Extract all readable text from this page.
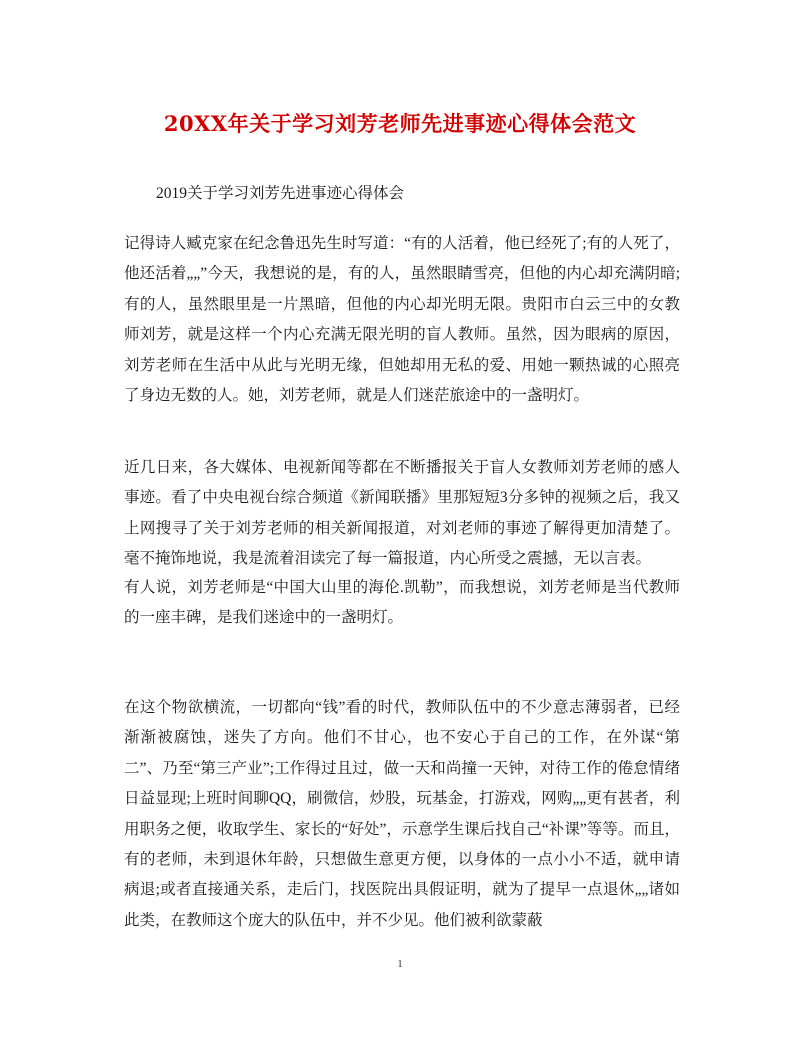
20XX年关于学习刘芳老师先进事迹心得体会范文
2019关于学习刘芳先进事迹心得体会

记得诗人臧克家在纪念鲁迅先生时写道：“有的人活着，他已经死了;有的人死了，他还活着„„”今天，我想说的是，有的人，虽然眼睛雪亮，但他的内心却充满阴暗;有的人，虽然眼里是一片黑暗，但他的内心却光明无限。贵阳市白云三中的女教师刘芳，就是这样一个内心充满无限光明的盲人教师。虽然，因为眼病的原因，刘芳老师在生活中从此与光明无缘，但她却用无私的爱、用她一颗热诚的心照亮了身边无数的人。她，刘芳老师，就是人们迷茫旅途中的一盏明灯。

近几日来，各大媒体、电视新闻等都在不断播报关于盲人女教师刘芳老师的感人事迹。看了中央电视台综合频道《新闻联播》里那短短3分多钟的视频之后，我又上网搜寻了关于刘芳老师的相关新闻报道，对刘老师的事迹了解得更加清楚了。毫不掩饰地说，我是流着泪读完了每一篇报道，内心所受之震撼，无以言表。

有人说，刘芳老师是“中国大山里的海伦.凯勒”，而我想说，刘芳老师是当代教师的一座丰碑，是我们迷途中的一盏明灯。

在这个物欲横流，一切都向“钱”看的时代，教师队伍中的不少意志薄弱者，已经渐渐被腐蚀，迷失了方向。他们不甘心，也不安心于自己的工作，在外谋“第二”、乃至“第三产业”;工作得过且过，做一天和尚撞一天钟，对待工作的倦怠情绪日益显现;上班时间聊QQ，刷微信，炒股，玩基金，打游戏，网购„„更有甚者，利用职务之便，收取学生、家长的“好处”，示意学生课后找自己“补课”等等。而且，有的老师，未到退休年龄，只想做生意更方便，以身体的一点小小不适，就申请病退;或者直接通关系，走后门，找医院出具假证明，就为了提早一点退休„„诸如此类，在教师这个庞大的队伍中，并不少见。他们被利欲蒙蔽

1
